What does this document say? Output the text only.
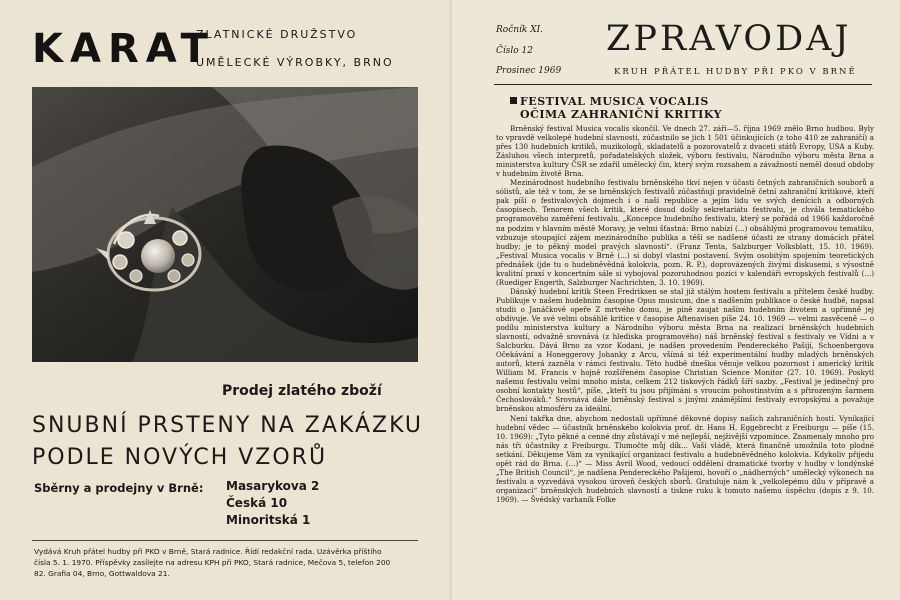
KARAT
ZLATNICKÉ DRUŽSTVO
UMĚLECKÉ VÝROBKY, BRNO
Prodej zlatého zboží
SNUBNÍ PRSTENY NA ZAKÁZKU
PODLE NOVÝCH VZORŮ
Sběrny a prodejny v Brně: Masarykova 2
Česká 10
Minoritská 1
Vydává Kruh přátel hudby při PKO v Brně, Stará radnice. Řídí redakční rada. Uzávěrka příštího čísla 5. 1. 1970. Příspěvky zasílejte na adresu KPH při PKO, Stará radnice, Mečova 5, telefon 200 82. Grafia 04, Brno, Gottwaldova 21.
Ročník XI.
Číslo 12
Prosinec 1969
ZPRAVODAJ
KRUH PŘÁTEL HUDBY PŘI PKO V BRNĚ
FESTIVAL MUSICA VOCALIS
OČIMA ZAHRANIČNÍ KRITIKY

Brněnský festival Musica vocalis skončil. Ve dnech 27. září—5. října 1969 znělo Brno hudbou. Byly to vpravdě velkolepé hudební slavnosti, zúčastnilo se jich 1 501 účinkujících (z toho 410 ze zahraničí) a přes 130 hudebních kritiků, muzikologů, skladatelů a pozorovatelů z dvaceti států Evropy, USA a Kuby. Zásluhou všech interpretů, pořadatelských složek, výboru festivalu, Národního výboru města Brna a ministerstva kultury ČSR se zdařil umělecký čin, který svým rozsahem a závažností neměl dosud obdoby v hudebním životě Brna.

Mezinárodnost hudebního festivalu brněnského tkví nejen v účasti četných zahraničních souborů a sólistů, ale též v tom, že se brněnských festivalů zúčastňují pravidelně četní zahraniční kritikové, kteří pak píší o festivalových dojmech i o naší republice a jejím lidu ve svých denících a odborných časopisech. Tenorem všech kritik, které dosud došly sekretariátu festivalu, je chvála tematického programového zaměření festivalu. „Koncepce hudebního festivalu, který se pořádá od 1966 každoročně na podzim v hlavním městě Moravy, je velmi šťastná: Brno nabízí (...) obsáhlými programovou tematiku, vzbuzuje stoupající zájem mezinárodního publika a těší se nadšené účasti ze strany domácích přátel hudby; je to pěkný model pravých slavností“. (Franz Tenta, Salzburger Volksblatt, 15. 10. 1969). „Festival Musica vocalis v Brně (...) si dobyl vlastní postavení. Svým osobitým spojením teoretických přednášek (jde tu o hudebněvědná kolokvia, pozn. R. P.), doprovázených živými diskusemi, s výsostně kvalitní praxí v koncertním sále si vybojoval pozoruhodnou pozici v kalendáři evropských festivalů (...) (Ruediger Engerth, Salzburger Nachrichten, 3. 10. 1969).

Dánský hudební kritik Steen Fredriksen se stal již stálým hostem festivalu a přítelem české hudby. Publikuje v našem hudebním časopise Opus musicum, dne s nadšením publikace o české hudbě, napsal studii o Janáčkově opeře Z mrtvého domu, je pině zaujat naším hudebním životem a upřímně jej obdivuje. Ve své velmi obsáhlé kritice v časopise Aftenavisen píše 24. 10. 1969 — velmi zasvěceně — o podílu ministerstva kultury a Národního výboru města Brna na realizaci brněnských hudebních slavností, odvažně srovnává (z hlediska programového) náš brněnský festival s festivaly ve Vídni a v Salcburku. Dává Brno za vzor Kodani, je nadšen provedením Pendereckého Pašijí, Schoenbergova Očekávání a Honeggerovy Johanky z Arcu, všímá si též experimentální hudby mladých brněnských autorů, která zazněla v rámci festivalu. Této hudbě dneška věnuje velkou pozornost i americký kritik William M. Francis v hojně rozšířeném časopise Christian Science Monitor (27. 10. 1969). Poskytl našemu festivalu velmi mnoho místa, celkem 212 tiskových řádků šíří sazby. „Festival je jedinečný pro osobní kontakty hostů“, píše, „kteří tu jsou přijímáni s vroucím pohostinstvím a s přirozeným šarmem Čechoslováků.“ Srovnává dále brněnský festival s jinými známějšími festivaly evropskými a považuje brněnskou atmosféru za ideální.

Není takřka dne, abychom nedostali upřímné děkovné dopisy našich zahraničních hostí. Vynikající hudební vědec — účastník brněnského kolokvia prof. dr. Hans H. Eggebrecht z Freiburgu — píše (15. 10. 1969): „Tyto pěkné a cenné dny zůstávají v mé nejlepší, nejživější vzpomínce. Znamenaly mnoho pro nás tři účastníky z Freiburgu. Tlumočte můj dík... Vaši vládě, která finančně umožnila toto plodné setkání. Děkujeme Vám za vynikající organizaci festivalu a hudebněvědného kolokvia. Kdykoliv přijedu opět rád do Brna. (...)“ — Miss Avril Wood, vedoucí oddělení dramatické tvorby v hudby v londýnské „The British Council“, je nadšena Pendereckého Pašijemi, hovoří o „nádherných“ umělecký výkonech na festivalu a vyzvedává vysokou úroveň českých sborů. Gratuluje nám k „velkolepému dílu v přípravě a organizaci“ brněnských hudebních slavností a tiskne ruku k tomuto našemu úspěchu (dopis z 9. 10. 1969). — Švédský varhaník Folke
